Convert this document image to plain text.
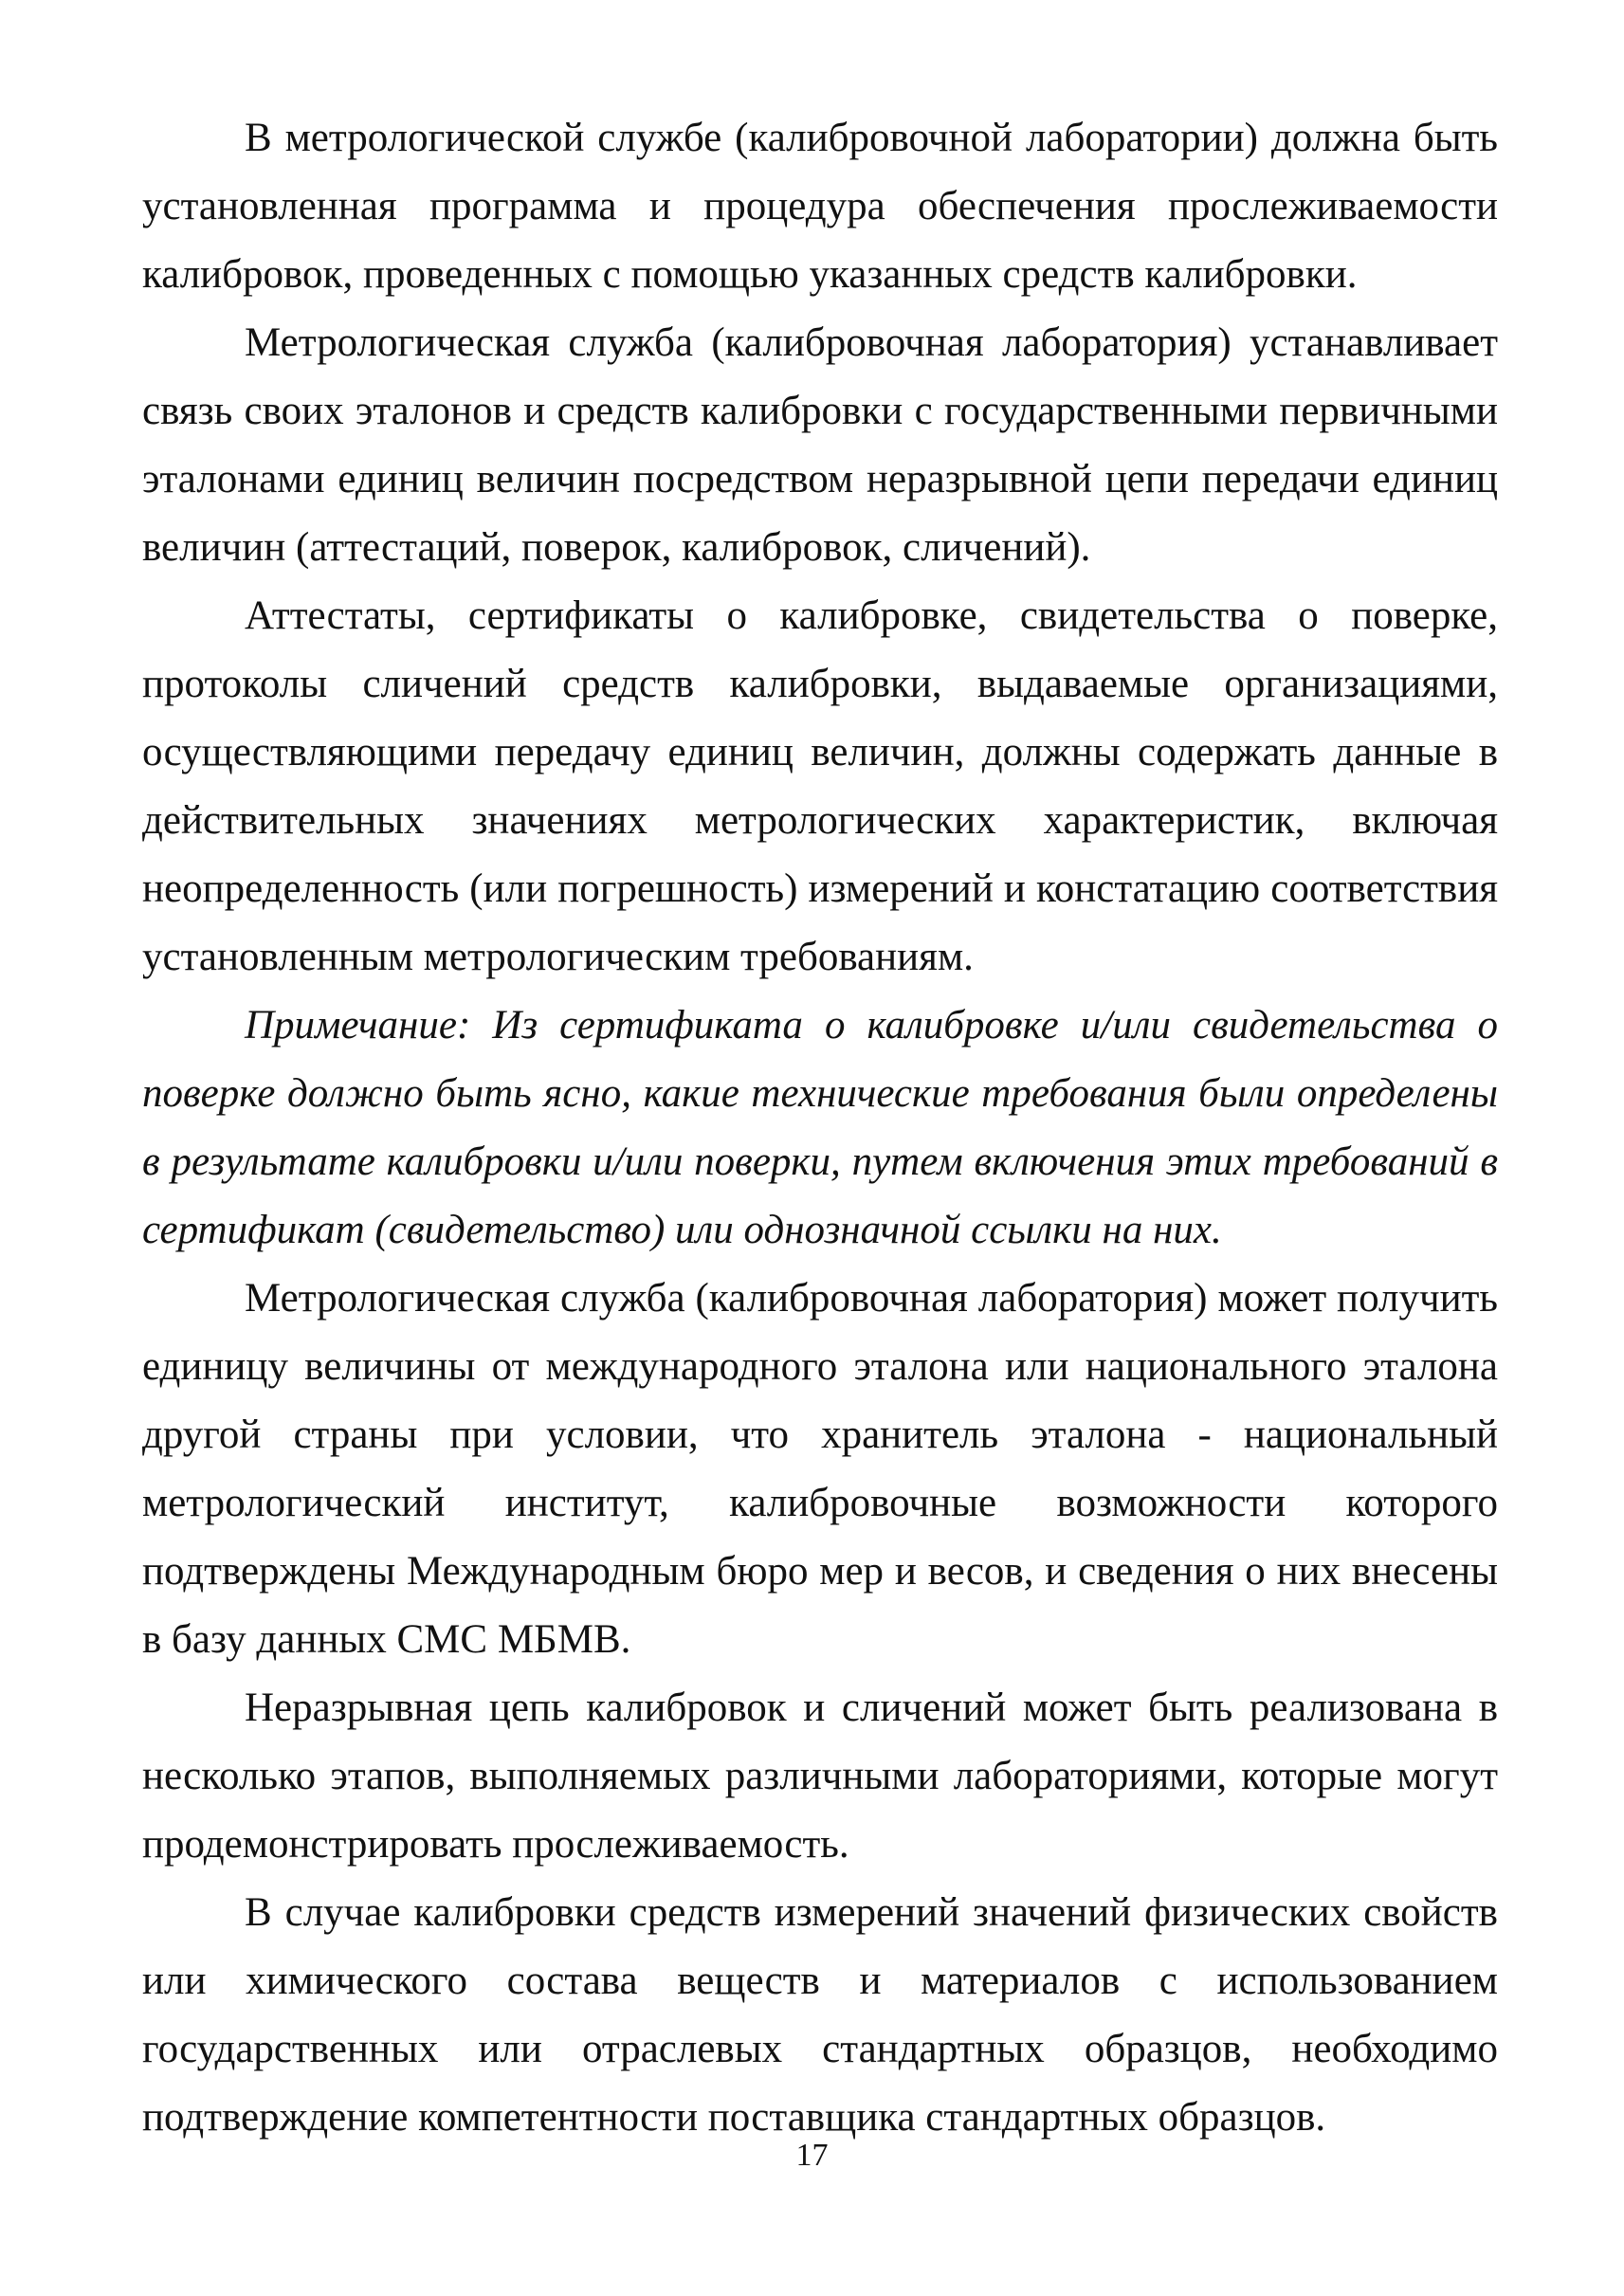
В метрологической службе (калибровочной лаборатории) должна быть установленная программа и процедура обеспечения прослеживаемости калибровок, проведенных с помощью указанных средств калибровки.

Метрологическая служба (калибровочная лаборатория) устанавливает связь своих эталонов и средств калибровки с государственными первичными эталонами единиц величин посредством неразрывной цепи передачи единиц величин (аттестаций, поверок, калибровок, сличений).

Аттестаты, сертификаты о калибровке, свидетельства о поверке, протоколы сличений средств калибровки, выдаваемые организациями, осуществляющими передачу единиц величин, должны содержать данные в действительных значениях метрологических характеристик, включая неопределенность (или погрешность) измерений и констатацию соответствия установленным метрологическим требованиям.

Примечание: Из сертификата о калибровке и/или свидетельства о поверке должно быть ясно, какие технические требования были определены в результате калибровки и/или поверки, путем включения этих требований в сертификат (свидетельство) или однозначной ссылки на них.

Метрологическая служба (калибровочная лаборатория) может получить единицу величины от международного эталона или национального эталона другой страны при условии, что хранитель эталона - национальный метрологический институт, калибровочные возможности которого подтверждены Международным бюро мер и весов, и сведения о них внесены в базу данных СМС МБМВ.

Неразрывная цепь калибровок и сличений может быть реализована в несколько этапов, выполняемых различными лабораториями, которые могут продемонстрировать прослеживаемость.

В случае калибровки средств измерений значений физических свойств или химического состава веществ и материалов с использованием государственных или отраслевых стандартных образцов, необходимо подтверждение компетентности поставщика стандартных образцов.

17
